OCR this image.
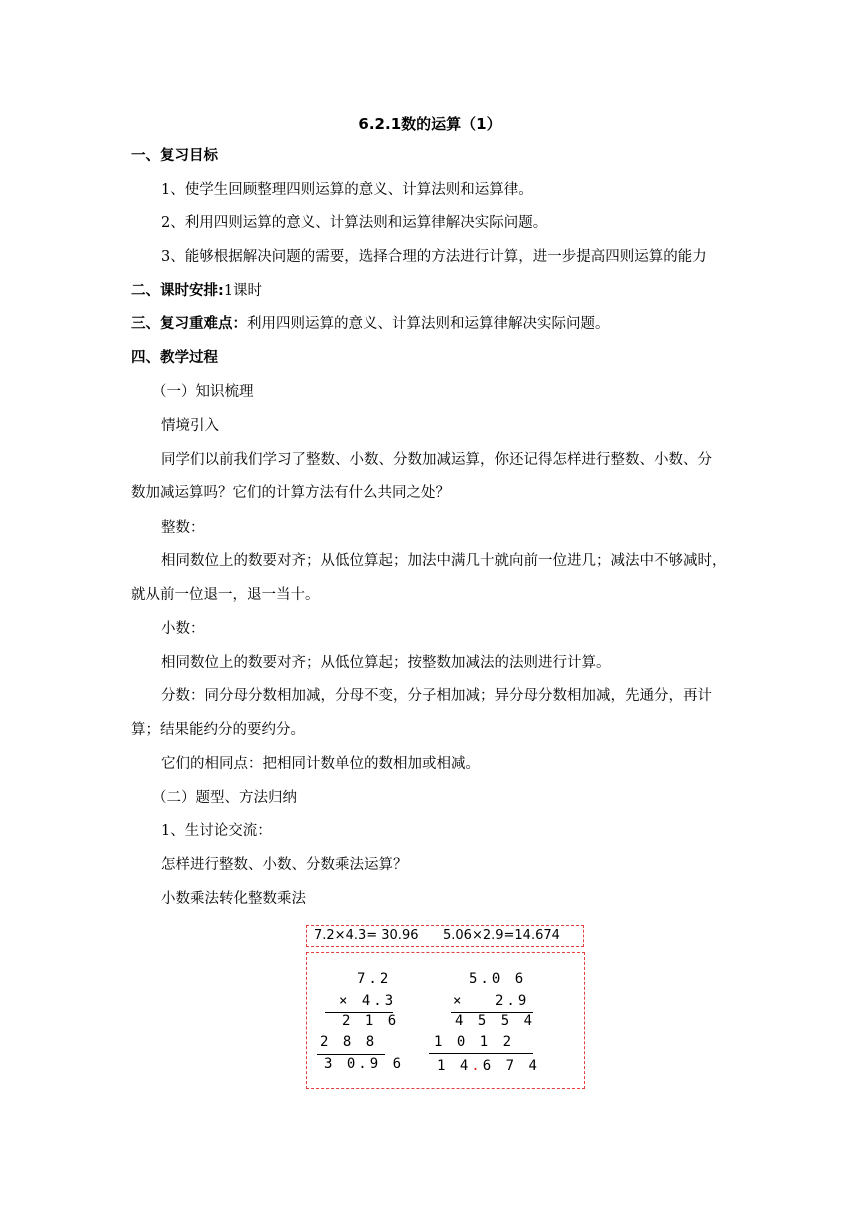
6.2.1数的运算（1）
一、复习目标
1、使学生回顾整理四则运算的意义、计算法则和运算律。
2、利用四则运算的意义、计算法则和运算律解决实际问题。
3、能够根据解决问题的需要，选择合理的方法进行计算，进一步提高四则运算的能力
二、课时安排:1课时
三、复习重难点：利用四则运算的意义、计算法则和运算律解决实际问题。
四、教学过程
（一）知识梳理
情境引入
同学们以前我们学习了整数、小数、分数加减运算，你还记得怎样进行整数、小数、分
数加减运算吗？它们的计算方法有什么共同之处？
整数：
相同数位上的数要对齐；从低位算起；加法中满几十就向前一位进几；减法中不够减时，
就从前一位退一，退一当十。
小数：
相同数位上的数要对齐；从低位算起；按整数加减法的法则进行计算。
分数：同分母分数相加减，分母不变，分子相加减；异分母分数相加减，先通分，再计
算；结果能约分的要约分。
它们的相同点：把相同计数单位的数相加或相减。
（二）题型、方法归纳
1、生讨论交流：
怎样进行整数、小数、分数乘法运算？
小数乘法转化整数乘法
7.2×4.3= 30.96 5.06×2.9=14.674
7.2
× 4.3
2 1 6
2 8 8
3 0.9 6
5.0 6
× 2.9
4 5 5 4
1 0 1 2
1 4.6 7 4
